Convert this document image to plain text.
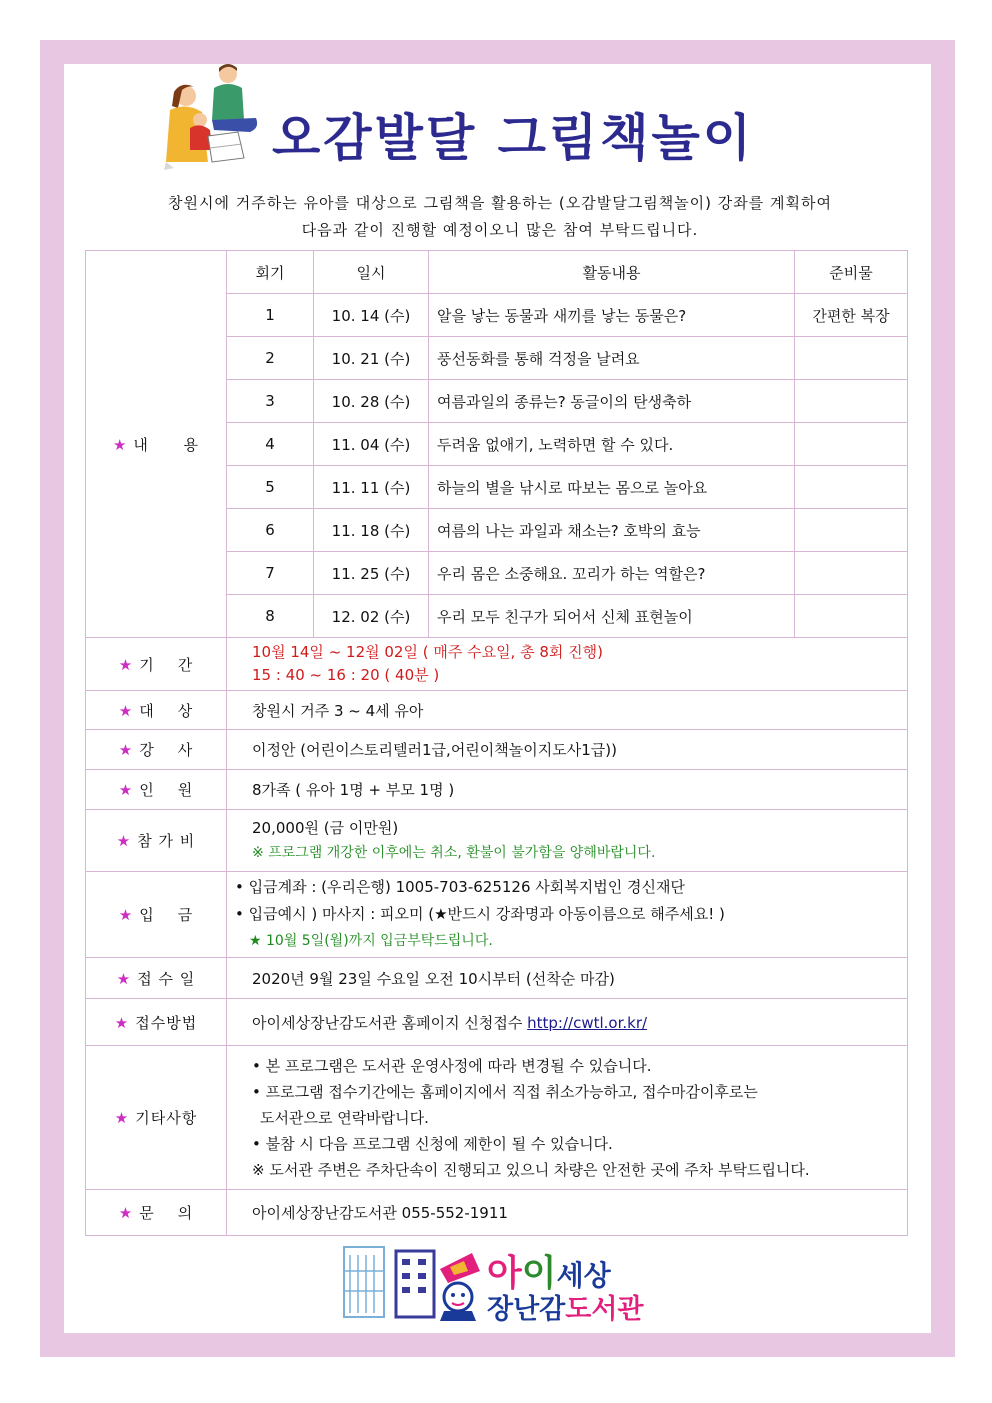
오감발달 그림책놀이
창원시에 거주하는 유아를 대상으로 그림책을 활용하는 (오감발달그림책놀이) 강좌를 계획하여
다음과 같이 진행할 예정이오니 많은 참여 부탁드립니다.
★ 내      용	회기	일시	활동내용	준비물
	1	10. 14 (수)	알을 낳는 동물과 새끼를 낳는 동물은?	간편한 복장
	2	10. 21 (수)	풍선동화를 통해 걱정을 날려요	
	3	10. 28 (수)	여름과일의 종류는? 동글이의 탄생축하	
	4	11. 04 (수)	두려움 없애기, 노력하면 할 수 있다.	
	5	11. 11 (수)	하늘의 별을 낚시로 따보는 몸으로 놀아요	
	6	11. 18 (수)	여름의 나는 과일과 채소는? 호박의 효능	
	7	11. 25 (수)	우리 몸은 소중해요. 꼬리가 하는 역할은?	
	8	12. 02 (수)	우리 모두 친구가 되어서 신체 표현놀이	
★ 기    간	10월 14일 ~ 12월 02일 ( 매주 수요일, 총 8회 진행)
15 : 40 ~ 16 : 20 ( 40분 )			

★ 대    상	창원시 거주 3 ~ 4세 유아			
★ 강    사	이정안 (어린이스토리텔러1급,어린이책놀이지도사1급))			
★ 인    원	8가족 ( 유아 1명 + 부모 1명 )			
★ 참 가 비	20,000원 (금 이만원)
※ 프로그램 개강한 이후에는 취소, 환불이 불가함을 양해바랍니다.			

★ 입    금	• 입금계좌 : (우리은행) 1005-703-625126 사회복지법인 경신재단
• 입금예시 ) 마사지 : 피오미 (★반드시 강좌명과 아동이름으로 해주세요! )
★ 10월 5일(월)까지 입금부탁드립니다.			

★ 접 수 일	2020년 9월 23일 수요일 오전 10시부터 (선착순 마감)			
★ 접수방법	아이세상장난감도서관 홈페이지 신청접수 http://cwtl.or.kr/			
★ 기타사항	• 본 프로그램은 도서관 운영사정에 따라 변경될 수 있습니다.
• 프로그램 접수기간에는 홈페이지에서 직접 취소가능하고, 접수마감이후로는
도서관으로 연락바랍니다.
• 불참 시 다음 프로그램 신청에 제한이 될 수 있습니다.
※ 도서관 주변은 주차단속이 진행되고 있으니 차량은 안전한 곳에 주차 부탁드립니다.			

★ 문    의	아이세상장난감도서관 055-552-1911			
아이세상
장난감도서관
